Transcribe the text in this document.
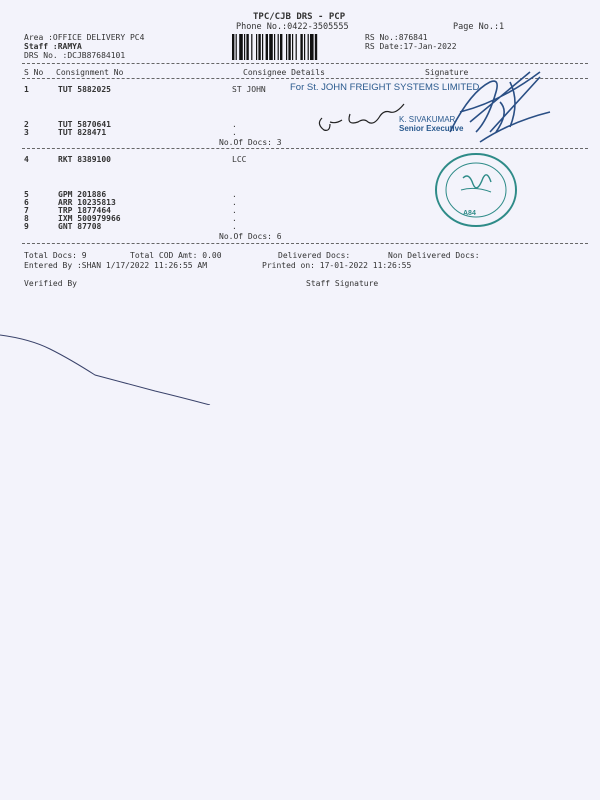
TPC/CJB DRS - PCP
Phone No.:0422-3505555	Page No.:1
Area :OFFICE DELIVERY PC4
Staff :RAMYA
DRS No. :DCJB87684101
RS No.:876841
RS Date:17-Jan-2022
S No Consignment No	Consignee Details	Signature
1	TUT 5882025	ST JOHN
2	TUT 5870641	.
3	TUT 828471	.
No.Of Docs: 3
4	RKT 8389100	LCC
5	GPM 201886	.
6	ARR 10235813	.
7	TRP 1877464	.
8	IXM 500979966	.
9	GNT 87708	.
No.Of Docs: 6
Total Docs: 9	Total COD Amt: 0.00	Delivered Docs:	Non Delivered Docs:
Entered By :SHAN 1/17/2022 11:26:55 AM	Printed on: 17-01-2022 11:26:55
Verified By	Staff Signature
For St. JOHN FREIGHT SYSTEMS LIMITED
K. SIVAKUMAR
Senior Executive
A84
